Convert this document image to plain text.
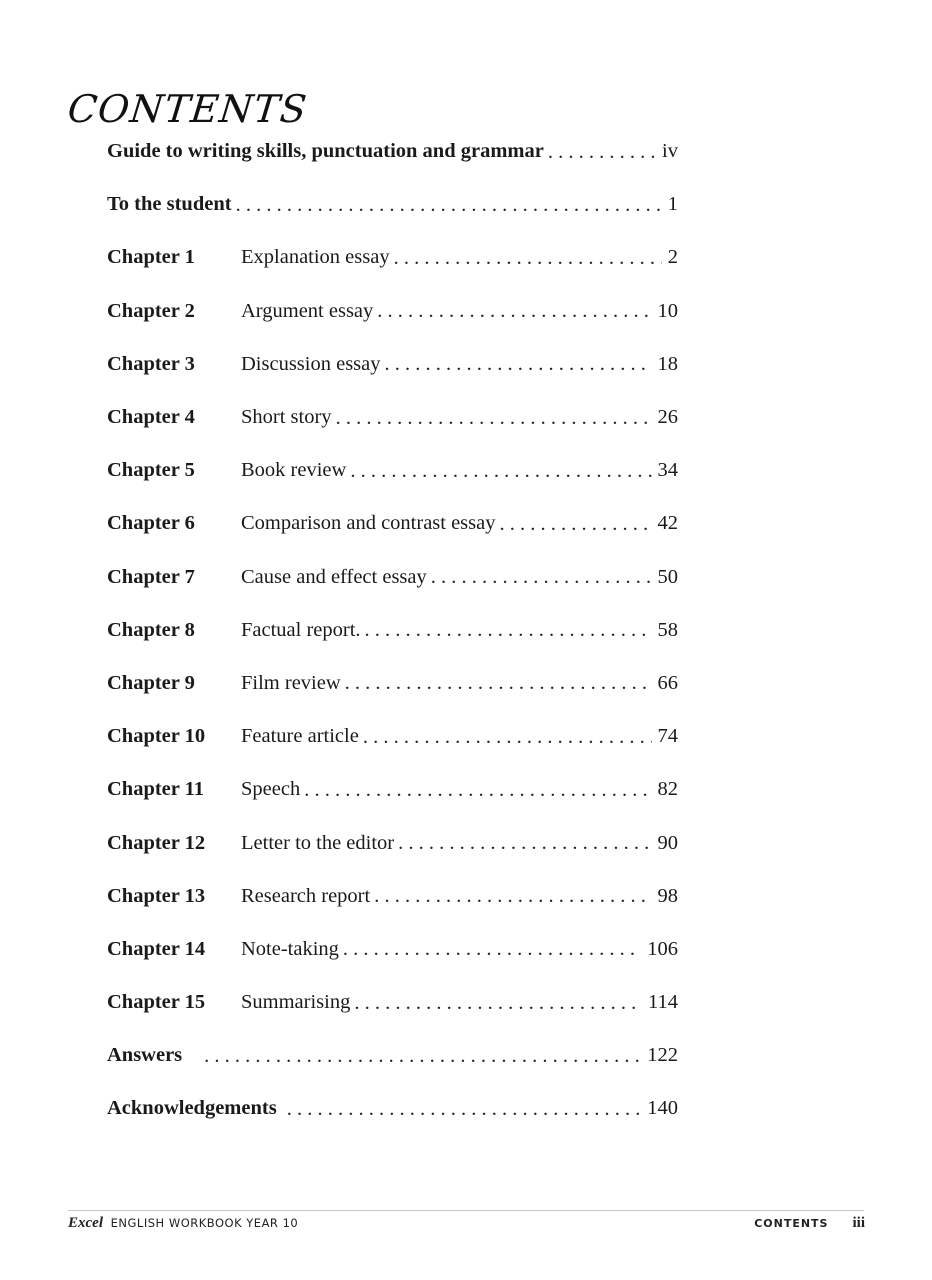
CONTENTS
Guide to writing skills, punctuation and grammar . . .	iv
To the student . . .	1
Chapter 1	Explanation essay . . .	2
Chapter 2	Argument essay . . .	10
Chapter 3	Discussion essay . . .	18
Chapter 4	Short story . . .	26
Chapter 5	Book review . . .	34
Chapter 6	Comparison and contrast essay . . .	42
Chapter 7	Cause and effect essay . . .	50
Chapter 8	Factual report. . . .	58
Chapter 9	Film review . . .	66
Chapter 10	Feature article . . .	74
Chapter 11	Speech . . .	82
Chapter 12	Letter to the editor . . .	90
Chapter 13	Research report . . .	98
Chapter 14	Note-taking . . .	106
Chapter 15	Summarising . . .	114
Answers . . .	122
Acknowledgements . . .	140
Excel ENGLISH WORKBOOK YEAR 10	CONTENTS iii
